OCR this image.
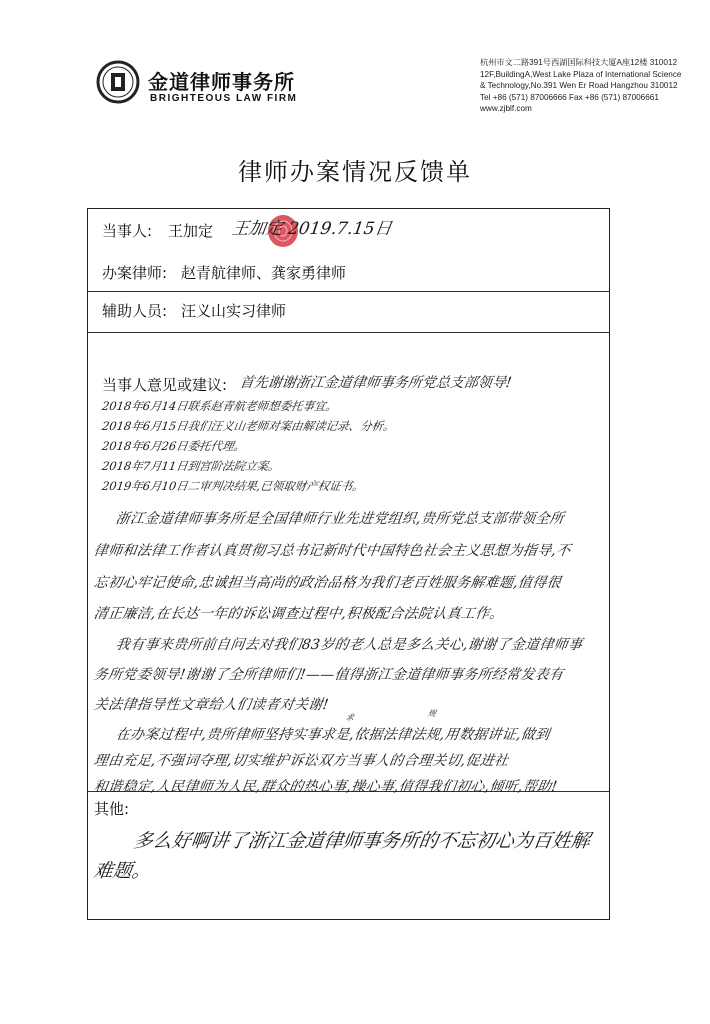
金道律师事务所
BRIGHTEOUS LAW FIRM
杭州市文二路391号西湖国际科技大厦A座12楼 310012
12F,BuildingA,West Lake Plaza of International Science
& Technology,No.391 Wen Er Road Hangzhou 310012
Tel +86 (571) 87006666 Fax +86 (571) 87006661
www.zjblf.com
律师办案情况反馈单
当事人: 王加定 王加定 2019.7.15日
办案律师: 赵青航律师、龚家勇律师
辅助人员: 汪义山实习律师
当事人意见或建议: 首先谢谢浙江金道律师事务所党总支部领导!
2018年6月14日联系赵青航老师想委托事宜。
2018年6月15日我们汪义山老师对案由解读记录、分析。
2018年6月26日委托代理。
2018年7月11日到宫阶法院立案。
2019年6月10日二审判决结果,已领取财产权证书。
浙江金道律师事务所是全国律师行业先进党组织,贵所党总支部带领全所
律师和法律工作者认真贯彻习总书记新时代中国特色社会主义思想为指导,不
忘初心牢记使命,忠诚担当高尚的政治品格为我们老百姓服务解难题,值得很
清正廉洁,在长达一年的诉讼调查过程中,积极配合法院认真工作。
我有事来贵所前自问去对我们83岁的老人总是多么关心,谢谢了金道律师事
务所党委领导!谢谢了全所律师们!——值得浙江金道律师事务所经常发表有
关法律指导性文章给人们读者对关谢!
求	规
在办案过程中,贵所律师坚持实事求是,依据法律法规,用数据讲证,做到
理由充足,不强词夺理,切实维护诉讼双方当事人的合理关切,促进社
和谐稳定,人民律师为人民,群众的热心事,操心事,值得我们初心,倾听,帮助!
其他:
多么好啊讲了浙江金道律师事务所的不忘初心为百姓解
难题。
